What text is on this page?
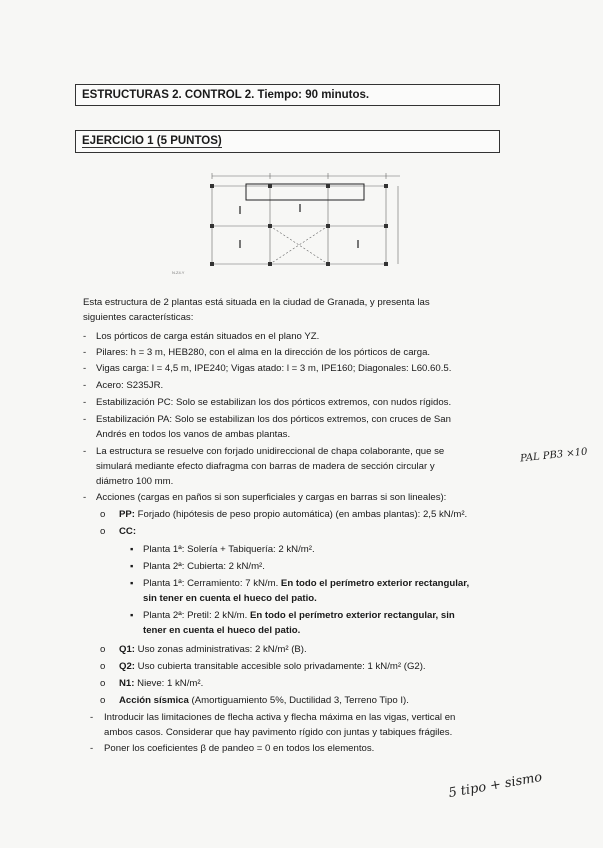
ESTRUCTURAS 2. CONTROL 2. Tiempo: 90 minutos.
EJERCICIO 1 (5 PUNTOS)
N.Z4.Y
Esta estructura de 2 plantas está situada en la ciudad de Granada, y presenta las
siguientes características:
- Los pórticos de carga están situados en el plano YZ.
- Pilares: h = 3 m, HEB280, con el alma en la dirección de los pórticos de carga.
- Vigas carga: l = 4,5 m, IPE240; Vigas atado: l = 3 m, IPE160; Diagonales: L60.60.5.
- Acero: S235JR.
- Estabilización PC: Solo se estabilizan los dos pórticos extremos, con nudos rígidos.
- Estabilización PA: Solo se estabilizan los dos pórticos extremos, con cruces de San
Andrés en todos los vanos de ambas plantas.
- La estructura se resuelve con forjado unidireccional de chapa colaborante, que se
simulará mediante efecto diafragma con barras de madera de sección circular y
diámetro 100 mm.
- Acciones (cargas en paños si son superficiales y cargas en barras si son lineales):
o PP: Forjado (hipótesis de peso propio automática) (en ambas plantas): 2,5 kN/m².
o CC:
▪ Planta 1ª: Solería + Tabiquería: 2 kN/m².
▪ Planta 2ª: Cubierta: 2 kN/m².
▪ Planta 1ª: Cerramiento: 7 kN/m. En todo el perímetro exterior rectangular,
sin tener en cuenta el hueco del patio.
▪ Planta 2ª: Pretil: 2 kN/m. En todo el perímetro exterior rectangular, sin
tener en cuenta el hueco del patio.
o Q1: Uso zonas administrativas: 2 kN/m² (B).
o Q2: Uso cubierta transitable accesible solo privadamente: 1 kN/m² (G2).
o N1: Nieve: 1 kN/m².
o Acción sísmica (Amortiguamiento 5%, Ductilidad 3, Terreno Tipo I).
- Introducir las limitaciones de flecha activa y flecha máxima en las vigas, vertical en
ambos casos. Considerar que hay pavimento rígido con juntas y tabiques frágiles.
- Poner los coeficientes β de pandeo = 0 en todos los elementos.
PAL PB3 ×10
5 tipo + sismo
